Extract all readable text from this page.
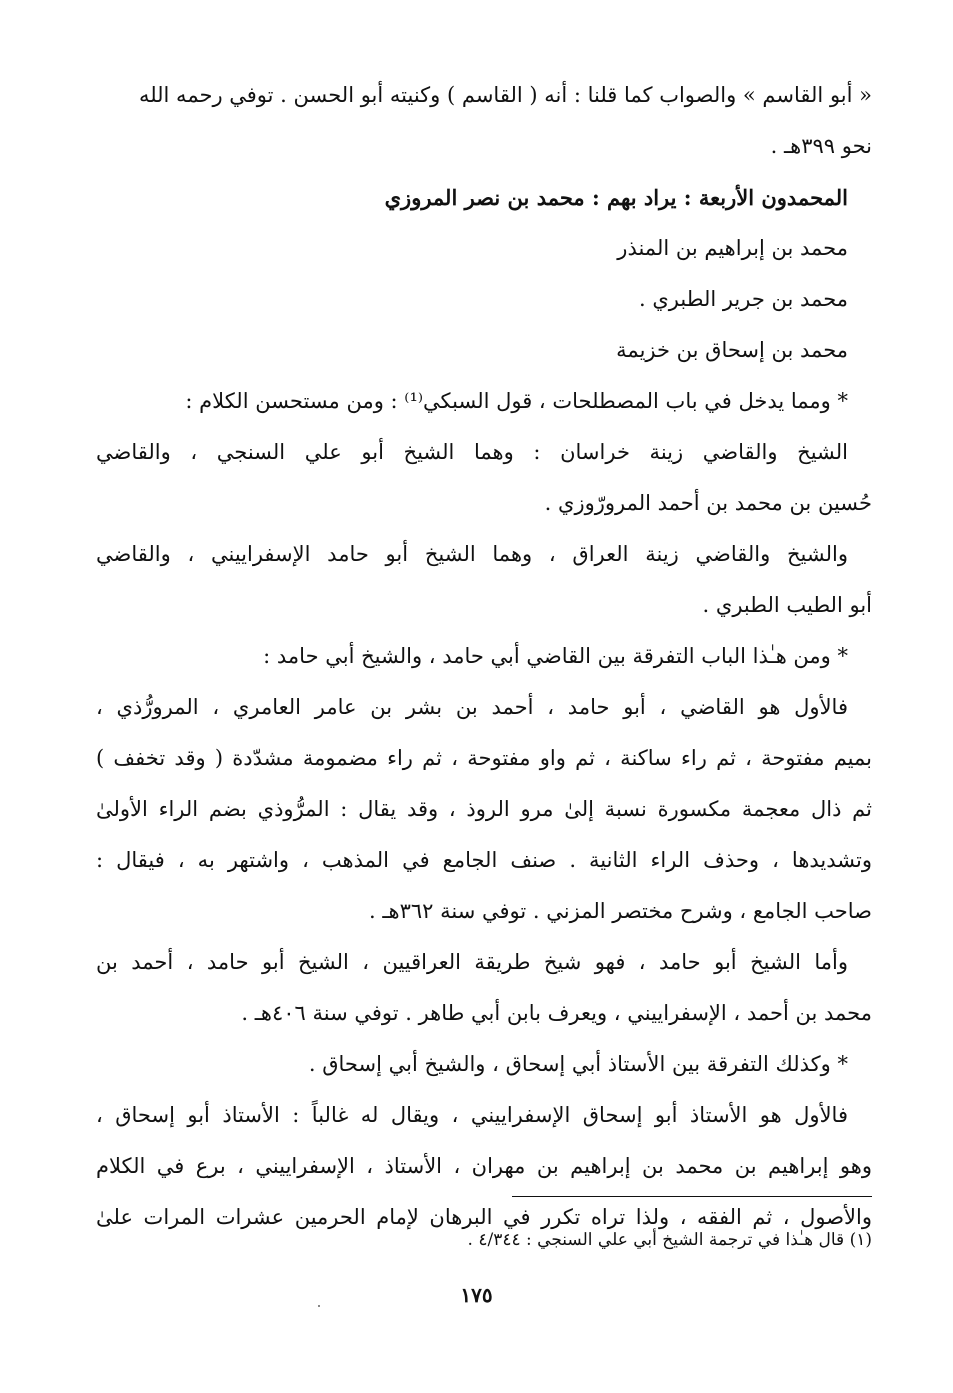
« أبو القاسم » والصواب كما قلنا : أنه ( القاسم ) وكنيته أبو الحسن . توفي رحمه الله
نحو ٣٩٩هـ .
المحمدون الأربعة : يراد بهم : محمد بن نصر المروزي
محمد بن إبراهيم بن المنذر
محمد بن جرير الطبري .
محمد بن إسحاق بن خزيمة
* ومما يدخل في باب المصطلحات ، قول السبكي⁽¹⁾ : ومن مستحسن الكلام :
الشيخ والقاضي زينة خراسان : وهما الشيخ أبو علي السنجي ، والقاضي
حُسين بن محمد بن أحمد المرورّوزي .
والشيخ والقاضي زينة العراق ، وهما الشيخ أبو حامد الإسفراييني ، والقاضي
أبو الطيب الطبري .
* ومن هـٰذا الباب التفرقة بين القاضي أبي حامد ، والشيخ أبي حامد :
فالأول هو القاضي ، أبو حامد ، أحمد بن بشر بن عامر العامري ، المرورُّذي ،
بميم مفتوحة ، ثم راء ساكنة ، ثم واو مفتوحة ، ثم راء مضمومة مشدّدة ( وقد تخفف )
ثم ذال معجمة مكسورة نسبة إلىٰ مرو الروذ ، وقد يقال : المرُّوذي بضم الراء الأولىٰ
وتشديدها ، وحذف الراء الثانية . صنف الجامع في المذهب ، واشتهر به ، فيقال :
صاحب الجامع ، وشرح مختصر المزني . توفي سنة ٣٦٢هـ .
وأما الشيخ أبو حامد ، فهو شيخ طريقة العراقيين ، الشيخ أبو حامد ، أحمد بن
محمد بن أحمد ، الإسفراييني ، ويعرف بابن أبي طاهر . توفي سنة ٤٠٦هـ .
* وكذلك التفرقة بين الأستاذ أبي إسحاق ، والشيخ أبي إسحاق .
فالأول هو الأستاذ أبو إسحاق الإسفراييني ، ويقال له غالباً : الأستاذ أبو إسحاق ،
وهو إبراهيم بن محمد بن إبراهيم بن مهران ، الأستاذ ، الإسفراييني ، برع في الكلام
والأصول ، ثم الفقه ، ولذا تراه تكرر في البرهان لإمام الحرمين عشرات المرات علىٰ
(١) قال هـٰذا في ترجمة الشيخ أبي علي السنجي : ٤/٣٤٤ .
١٧٥
